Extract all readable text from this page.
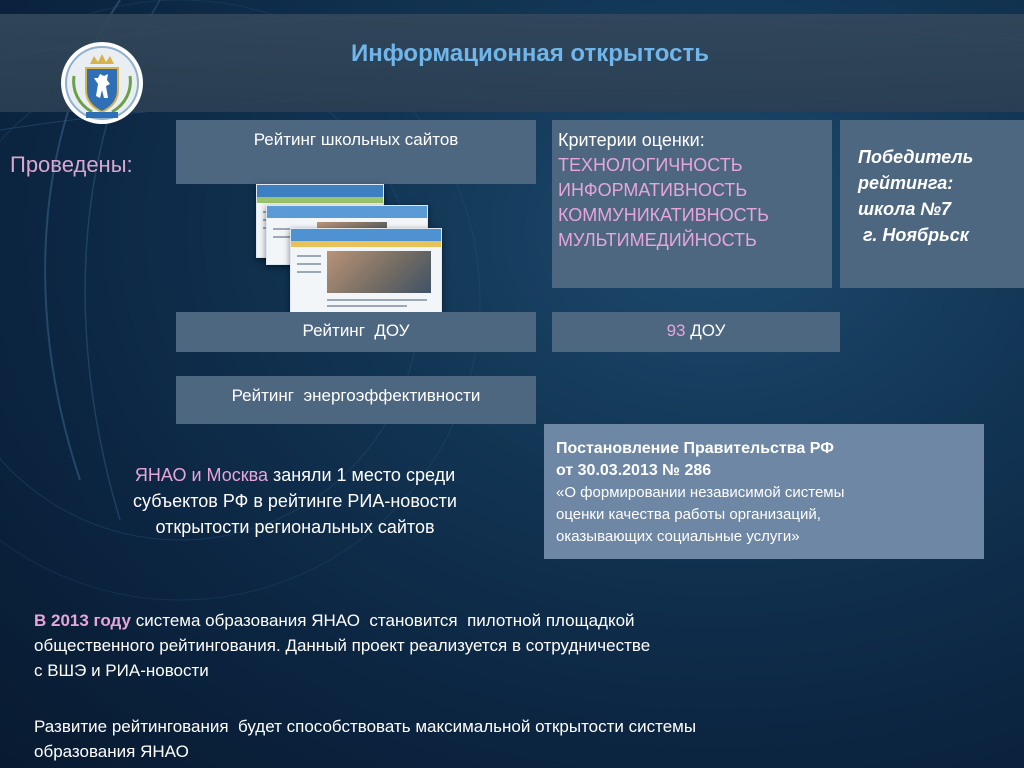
Информационная открытость
Проведены:
Рейтинг школьных сайтов	Критерии оценки:
ТЕХНОЛОГИЧНОСТЬ
ИНФОРМАТИВНОСТЬ
КОММУНИКАТИВНОСТЬ
МУЛЬТИМЕДИЙНОСТЬ
Победитель
рейтинга:
школа №7
г. Ноябрьск
Рейтинг  ДОУ	93 ДОУ
Рейтинг  энергоэффективности
Постановление Правительства РФ
от 30.03.2013 № 286
«О формировании независимой системы
оценки качества работы организаций,
оказывающих социальные услуги»
ЯНАО и Москва заняли 1 место среди
субъектов РФ в рейтинге РИА-новости
открытости региональных сайтов
В 2013 году система образования ЯНАО  становится  пилотной площадкой
общественного рейтингования. Данный проект реализуется в сотрудничестве
с ВШЭ и РИА-новости
Развитие рейтингования  будет способствовать максимальной открытости системы
образования ЯНАО
